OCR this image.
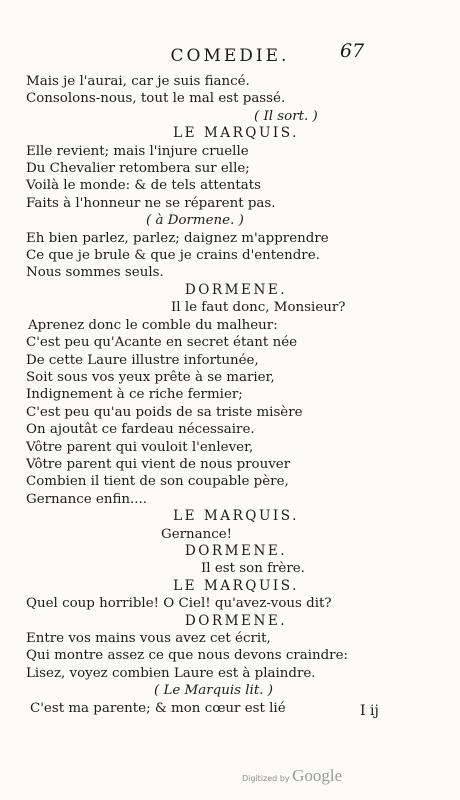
COMEDIE.	67
Mais je l'aurai, car je suis fiancé.
Consolons-nous, tout le mal est passé.
( Il sort. )
LE MARQUIS.
Elle revient; mais l'injure cruelle
Du Chevalier retombera sur elle;
Voilà le monde: & de tels attentats
Faits à l'honneur ne se réparent pas.
( à Dormene. )
Eh bien parlez, parlez; daignez m'apprendre
Ce que je brule & que je crains d'entendre.
Nous sommes seuls.
DORMENE.
Il le faut donc, Monsieur?
Aprenez donc le comble du malheur:
C'est peu qu'Acante en secret étant née
De cette Laure illustre infortunée,
Soit sous vos yeux prête à se marier,
Indignement à ce riche fermier;
C'est peu qu'au poids de sa triste misère
On ajoutât ce fardeau nécessaire.
Vôtre parent qui vouloit l'enlever,
Vôtre parent qui vient de nous prouver
Combien il tient de son coupable père,
Gernance enfin....
LE MARQUIS.
Gernance!
DORMENE.
Il est son frère.
LE MARQUIS.
Quel coup horrible! O Ciel! qu'avez-vous dit?
DORMENE.
Entre vos mains vous avez cet écrit,
Qui montre assez ce que nous devons craindre:
Lisez, voyez combien Laure est à plaindre.
( Le Marquis lit. )
C'est ma parente; & mon cœur est lié	I ij
Digitized by Google
